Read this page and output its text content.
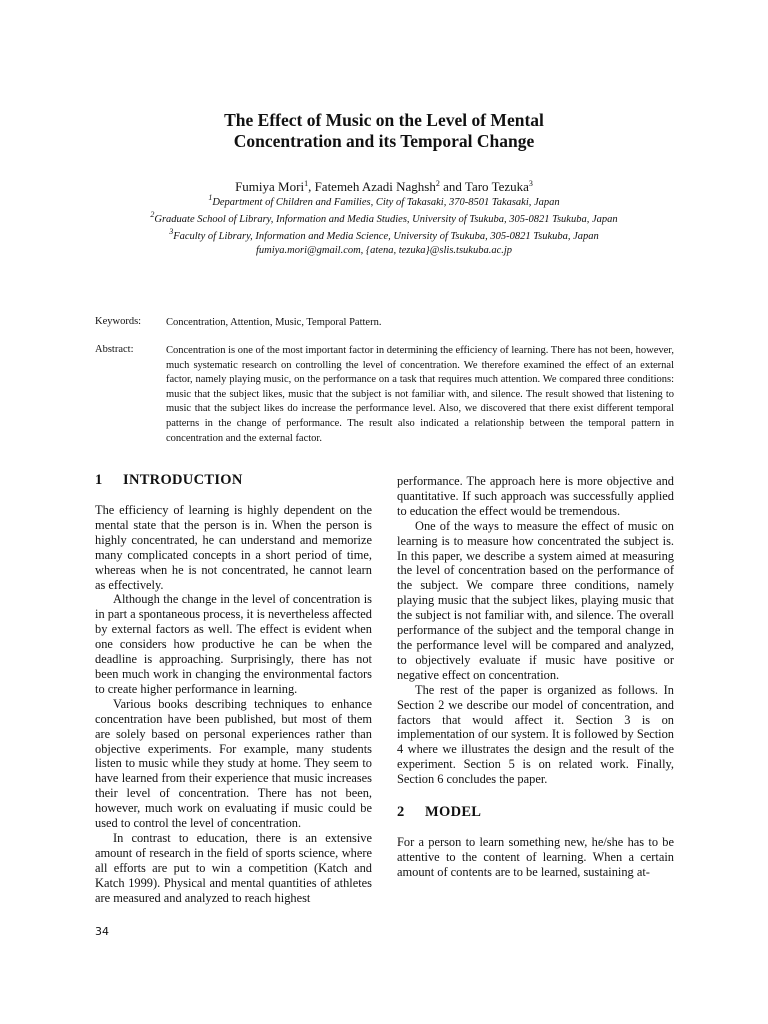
The Effect of Music on the Level of Mental
Concentration and its Temporal Change
Fumiya Mori$^1$, Fatemeh Azadi Naghsh$^2$ and Taro Tezuka$^3$
$^1$Department of Children and Families, City of Takasaki, 370-8501 Takasaki, Japan
$^2$Graduate School of Library, Information and Media Studies, University of Tsukuba, 305-0821 Tsukuba, Japan
$^3$Faculty of Library, Information and Media Science, University of Tsukuba, 305-0821 Tsukuba, Japan
fumiya.mori@gmail.com, {atena, tezuka}@slis.tsukuba.ac.jp
Keywords: Concentration, Attention, Music, Temporal Pattern.
Abstract:	Concentration is one of the most important factor in determining the efficiency of learning. There has not been, however, much systematic research on controlling the level of concentration. We therefore examined the effect of an external factor, namely playing music, on the performance on a task that requires much attention. We compared three conditions: music that the subject likes, music that the subject is not familiar with, and silence. The result showed that listening to music that the subject likes do increase the performance level. Also, we discovered that there exist different temporal patterns in the change of performance. The result also indicated a relationship between the temporal pattern in concentration and the external factor.
1 INTRODUCTION

The efficiency of learning is highly dependent on the mental state that the person is in. When the person is highly concentrated, he can understand and memorize many complicated concepts in a short period of time, whereas when he is not concentrated, he cannot learn as effectively.

Although the change in the level of concentration is in part a spontaneous process, it is nevertheless affected by external factors as well. The effect is evident when one considers how productive he can be when the deadline is approaching. Surprisingly, there has not been much work in changing the environmental factors to create higher performance in learning.

Various books describing techniques to enhance concentration have been published, but most of them are solely based on personal experiences rather than objective experiments. For example, many students listen to music while they study at home. They seem to have learned from their experience that music increases their level of concentration. There has not been, however, much work on evaluating if music could be used to control the level of concentration.

In contrast to education, there is an extensive amount of research in the field of sports science, where all efforts are put to win a competition (Katch and Katch 1999). Physical and mental quantities of athletes are measured and analyzed to reach highest

performance. The approach here is more objective and quantitative. If such approach was successfully applied to education the effect would be tremendous.

One of the ways to measure the effect of music on learning is to measure how concentrated the subject is. In this paper, we describe a system aimed at measuring the level of concentration based on the performance of the subject. We compare three conditions, namely playing music that the subject likes, playing music that the subject is not familiar with, and silence. The overall performance of the subject and the temporal change in the performance level will be compared and analyzed, to objectively evaluate if music have positive or negative effect on concentration.

The rest of the paper is organized as follows. In Section 2 we describe our model of concentration, and factors that would affect it. Section 3 is on implementation of our system. It is followed by Section 4 where we illustrates the design and the result of the experiment. Section 5 is on related work. Finally, Section 6 concludes the paper.

2 MODEL

For a person to learn something new, he/she has to be attentive to the content of learning. When a certain amount of contents are to be learned, sustaining at-

34
